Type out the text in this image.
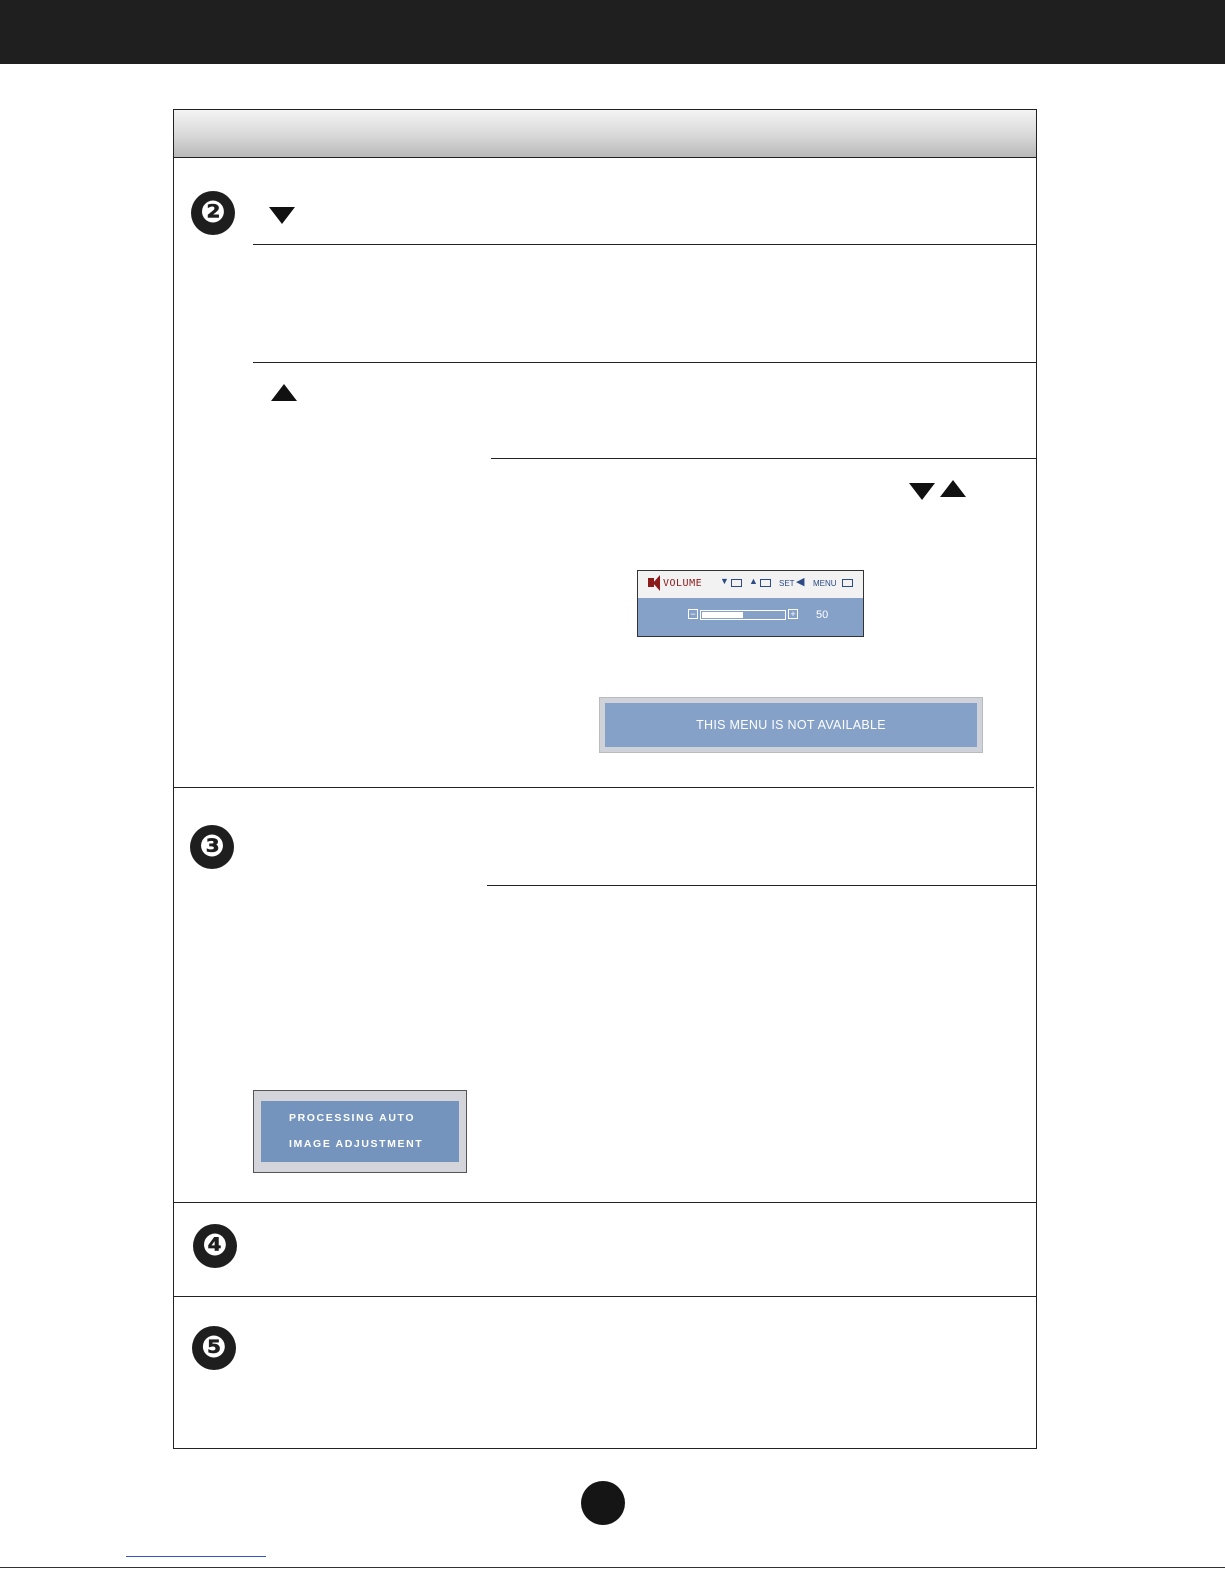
❷
VOLUME ▼ ▲	SET ◀ MENU
−	+ 50
THIS MENU IS NOT AVAILABLE
❸
PROCESSING AUTO
IMAGE ADJUSTMENT
❹
❺
